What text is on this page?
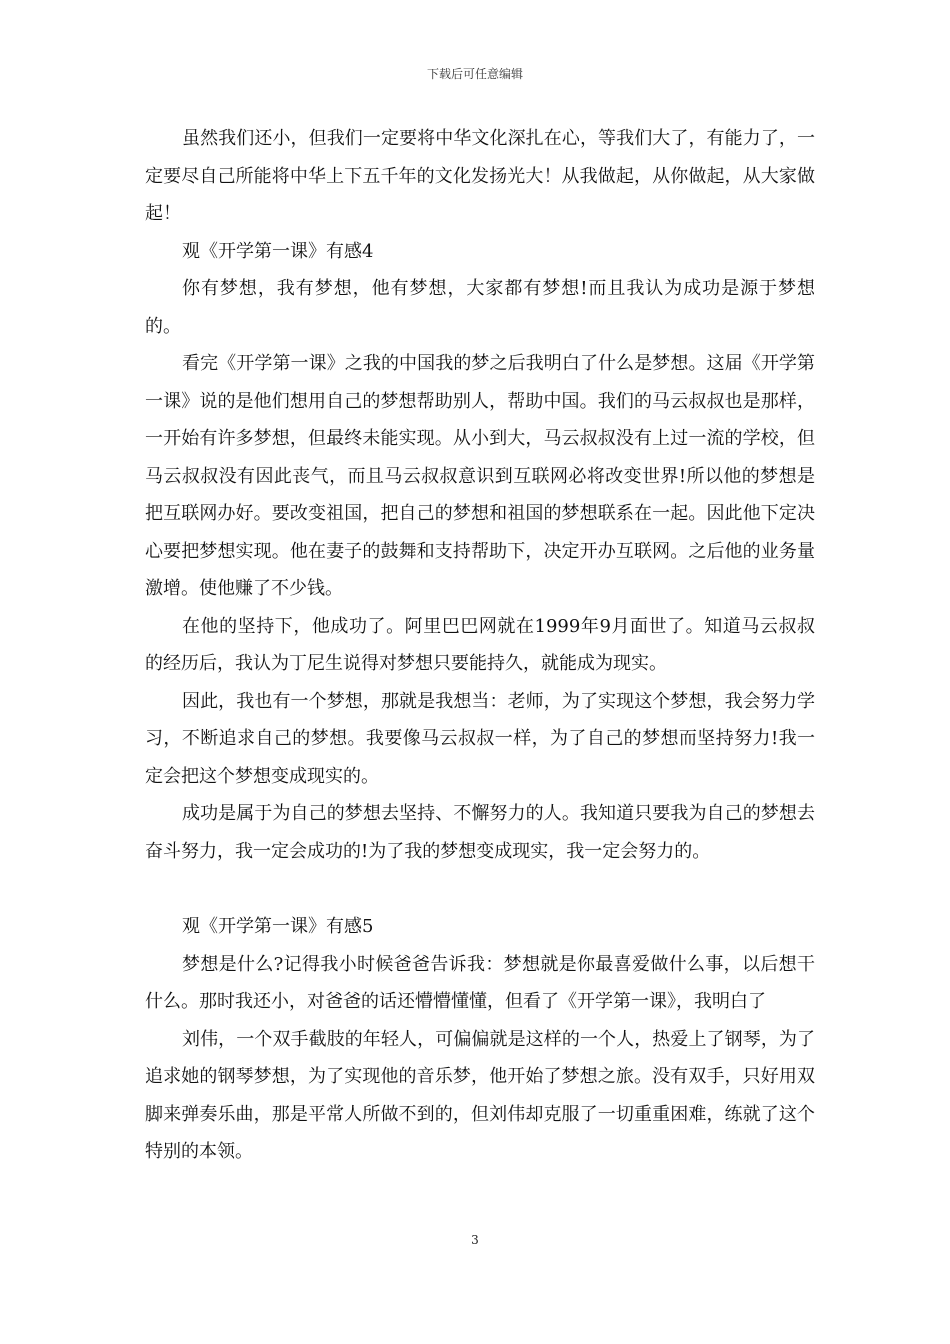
下载后可任意编辑

虽然我们还小，但我们一定要将中华文化深扎在心，等我们大了，有能力了，一定要尽自己所能将中华上下五千年的文化发扬光大！从我做起，从你做起，从大家做起！

观《开学第一课》有感4

你有梦想，我有梦想，他有梦想，大家都有梦想!而且我认为成功是源于梦想的。

看完《开学第一课》之我的中国我的梦之后我明白了什么是梦想。这届《开学第一课》说的是他们想用自己的梦想帮助别人，帮助中国。我们的马云叔叔也是那样，一开始有许多梦想，但最终未能实现。从小到大，马云叔叔没有上过一流的学校，但马云叔叔没有因此丧气，而且马云叔叔意识到互联网必将改变世界!所以他的梦想是把互联网办好。要改变祖国，把自己的梦想和祖国的梦想联系在一起。因此他下定决心要把梦想实现。他在妻子的鼓舞和支持帮助下，决定开办互联网。之后他的业务量激增。使他赚了不少钱。

在他的坚持下，他成功了。阿里巴巴网就在1999年9月面世了。知道马云叔叔的经历后，我认为丁尼生说得对梦想只要能持久，就能成为现实。

因此，我也有一个梦想，那就是我想当：老师，为了实现这个梦想，我会努力学习，不断追求自己的梦想。我要像马云叔叔一样，为了自己的梦想而坚持努力!我一定会把这个梦想变成现实的。

成功是属于为自己的梦想去坚持、不懈努力的人。我知道只要我为自己的梦想去奋斗努力，我一定会成功的!为了我的梦想变成现实，我一定会努力的。

观《开学第一课》有感5

梦想是什么?记得我小时候爸爸告诉我：梦想就是你最喜爱做什么事，以后想干什么。那时我还小，对爸爸的话还懵懵懂懂，但看了《开学第一课》，我明白了

刘伟，一个双手截肢的年轻人，可偏偏就是这样的一个人，热爱上了钢琴，为了追求她的钢琴梦想，为了实现他的音乐梦，他开始了梦想之旅。没有双手，只好用双脚来弹奏乐曲，那是平常人所做不到的，但刘伟却克服了一切重重困难，练就了这个特别的本领。

3
